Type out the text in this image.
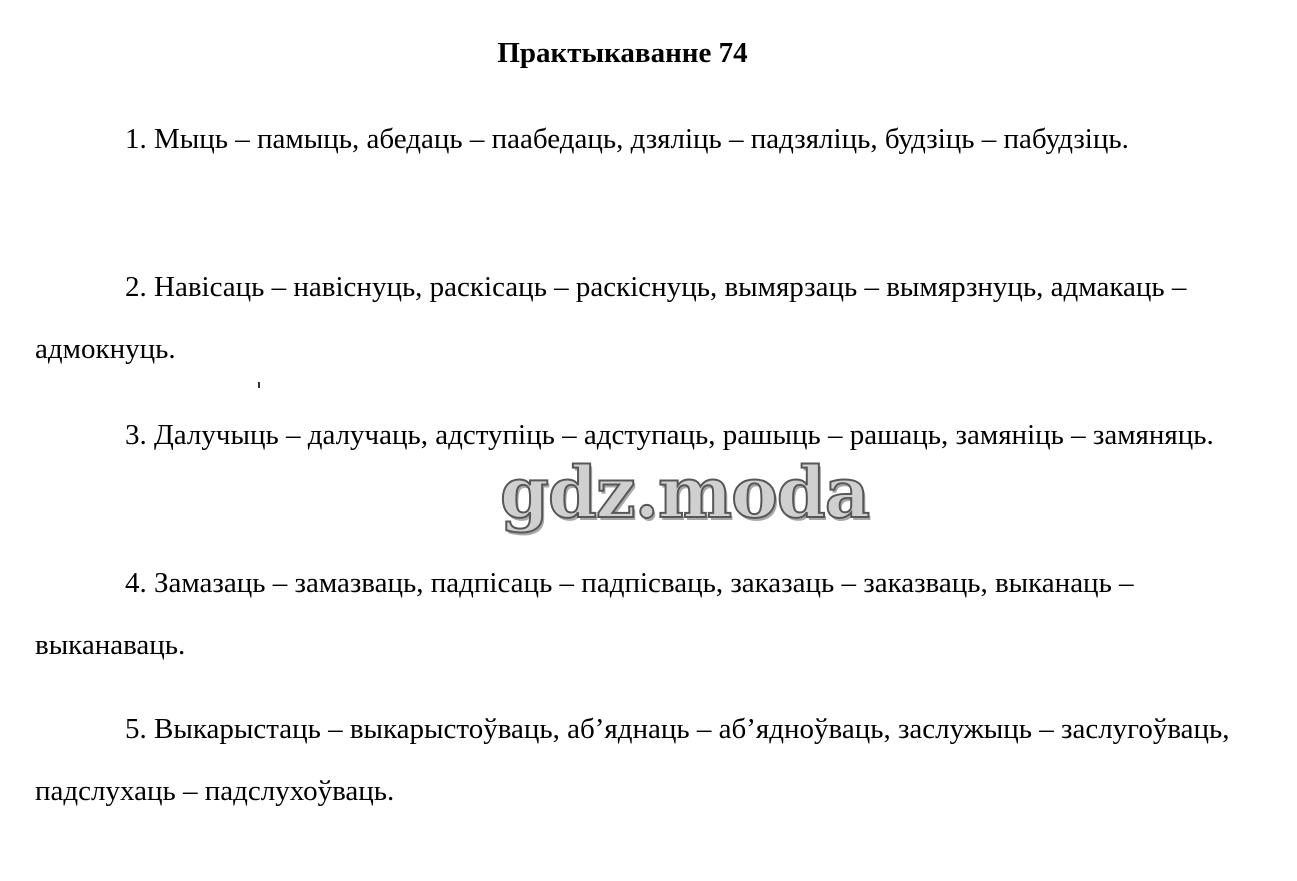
Практыкаванне 74

1. Мыць – памыць, абедаць – паабедаць, дзяліць – падзяліць, будзіць – пабудзіць.

2. Навісаць – навіснуць, раскісаць – раскіснуць, вымярзаць – вымярзнуць, адмакаць – адмокнуць.

3. Далучыць – далучаць, адступіць – адступаць, рашыць – рашаць, замяніць – замяняць.

4. Замазаць – замазваць, падпісаць – падпісваць, заказаць – заказваць, выканаць – выканаваць.

5. Выкарыстаць – выкарыстоўваць, аб’яднаць – аб’ядноўваць, заслужыць – заслугоўваць, падслухаць – падслухоўваць.

gdz.moda
